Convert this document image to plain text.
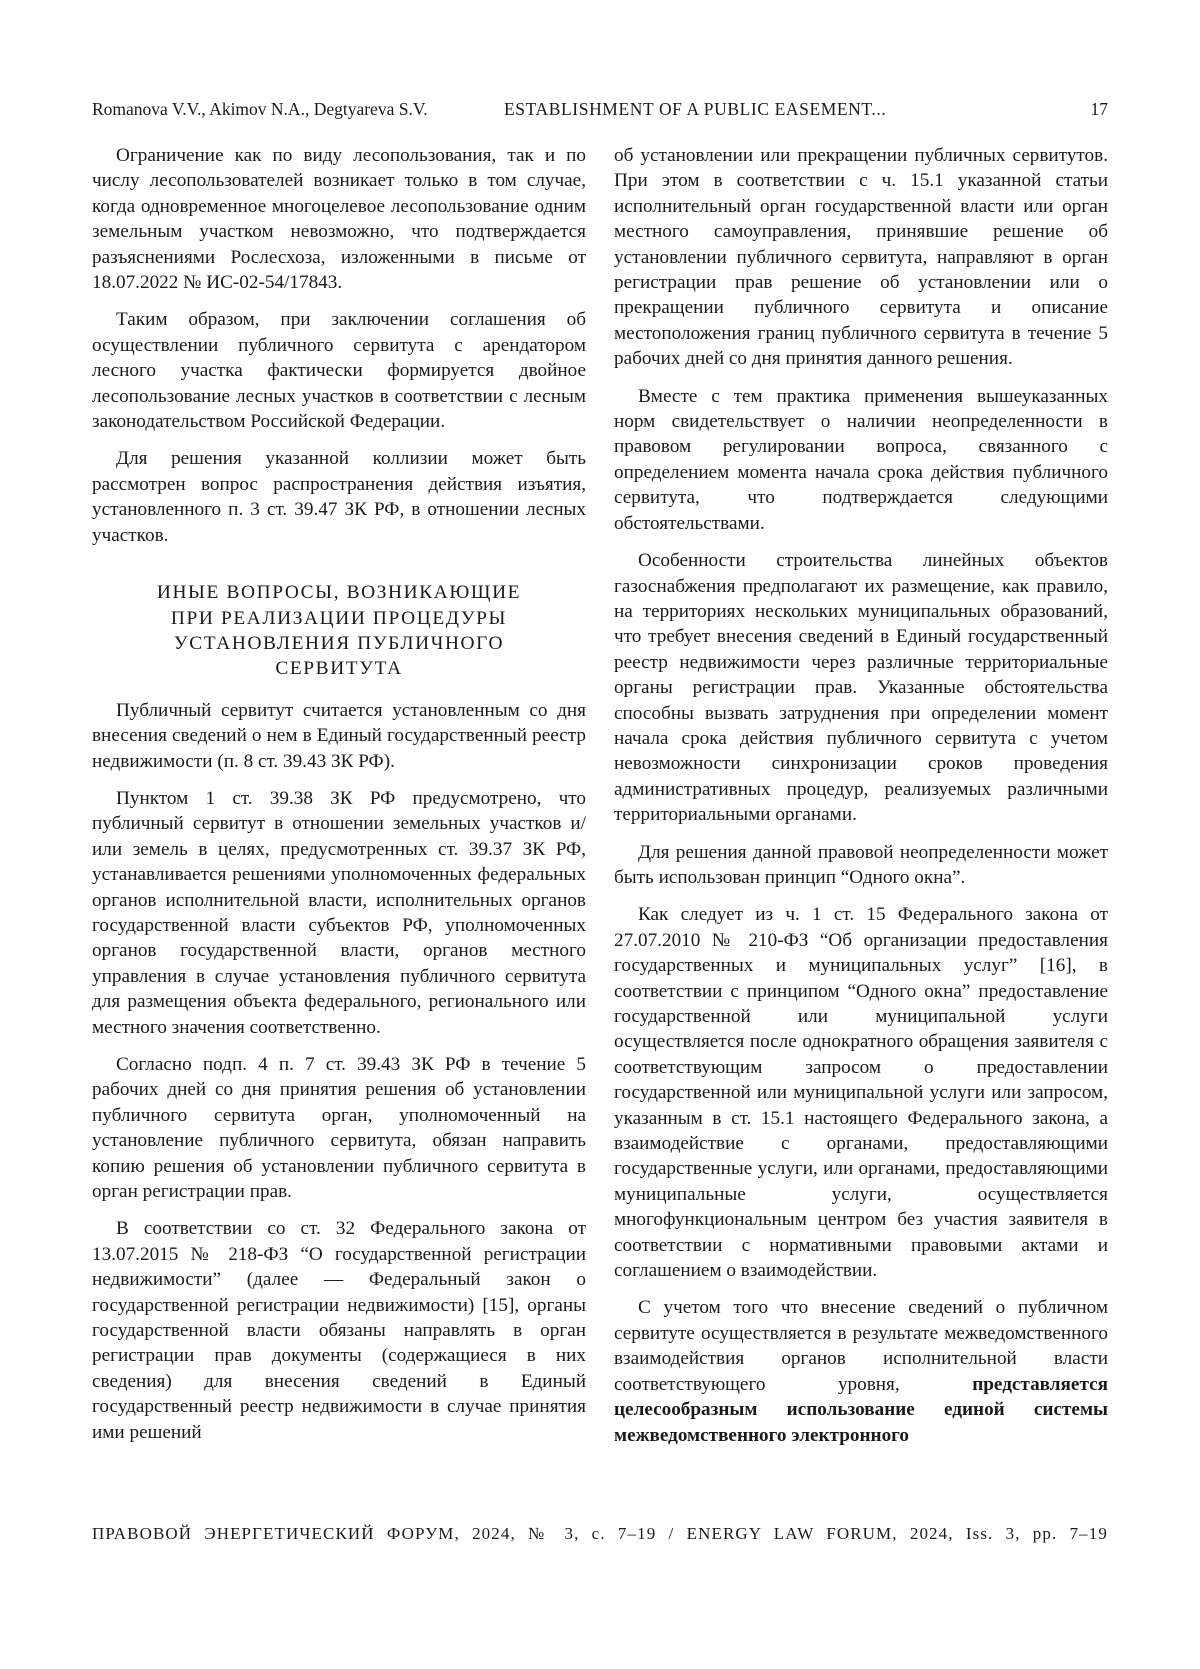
Romanova V.V., Akimov N.A., Degtyareva S.V.	ESTABLISHMENT OF A PUBLIC EASEMENT...	17

Ограничение как по виду лесопользования, так и по числу лесопользователей возникает только в том случае, когда одновременное многоцелевое лесопользование одним земельным участком невозможно, что подтверждается разъяснениями Рослесхоза, изложенными в письме от 18.07.2022 № ИС-02-54/17843.

Таким образом, при заключении соглашения об осуществлении публичного сервитута с арендатором лесного участка фактически формируется двойное лесопользование лесных участков в соответствии с лесным законодательством Российской Федерации.

Для решения указанной коллизии может быть рассмотрен вопрос распространения действия изъятия, установленного п. 3 ст. 39.47 ЗК РФ, в отношении лесных участков.

ИНЫЕ ВОПРОСЫ, ВОЗНИКАЮЩИЕ
ПРИ РЕАЛИЗАЦИИ ПРОЦЕДУРЫ
УСТАНОВЛЕНИЯ ПУБЛИЧНОГО
СЕРВИТУТА

Публичный сервитут считается установленным со дня внесения сведений о нем в Единый государственный реестр недвижимости (п. 8 ст. 39.43 ЗК РФ).

Пунктом 1 ст. 39.38 ЗК РФ предусмотрено, что публичный сервитут в отношении земельных участков и/или земель в целях, предусмотренных ст. 39.37 ЗК РФ, устанавливается решениями уполномоченных федеральных органов исполнительной власти, исполнительных органов государственной власти субъектов РФ, уполномоченных органов государственной власти, органов местного управления в случае установления публичного сервитута для размещения объекта федерального, регионального или местного значения соответственно.

Согласно подп. 4 п. 7 ст. 39.43 ЗК РФ в течение 5 рабочих дней со дня принятия решения об установлении публичного сервитута орган, уполномоченный на установление публичного сервитута, обязан направить копию решения об установлении публичного сервитута в орган регистрации прав.

В соответствии со ст. 32 Федерального закона от 13.07.2015 № 218-ФЗ “О государственной регистрации недвижимости” (далее — Федеральный закон о государственной регистрации недвижимости) [15], органы государственной власти обязаны направлять в орган регистрации прав документы (содержащиеся в них сведения) для внесения сведений в Единый государственный реестр недвижимости в случае принятия ими решений

об установлении или прекращении публичных сервитутов. При этом в соответствии с ч. 15.1 указанной статьи исполнительный орган государственной власти или орган местного самоуправления, принявшие решение об установлении публичного сервитута, направляют в орган регистрации прав решение об установлении или о прекращении публичного сервитута и описание местоположения границ публичного сервитута в течение 5 рабочих дней со дня принятия данного решения.

Вместе с тем практика применения вышеуказанных норм свидетельствует о наличии неопределенности в правовом регулировании вопроса, связанного с определением момента начала срока действия публичного сервитута, что подтверждается следующими обстоятельствами.

Особенности строительства линейных объектов газоснабжения предполагают их размещение, как правило, на территориях нескольких муниципальных образований, что требует внесения сведений в Единый государственный реестр недвижимости через различные территориальные органы регистрации прав. Указанные обстоятельства способны вызвать затруднения при определении момент начала срока действия публичного сервитута с учетом невозможности синхронизации сроков проведения административных процедур, реализуемых различными территориальными органами.

Для решения данной правовой неопределенности может быть использован принцип “Одного окна”.

Как следует из ч. 1 ст. 15 Федерального закона от 27.07.2010 № 210-ФЗ “Об организации предоставления государственных и муниципальных услуг” [16], в соответствии с принципом “Одного окна” предоставление государственной или муниципальной услуги осуществляется после однократного обращения заявителя с соответствующим запросом о предоставлении государственной или муниципальной услуги или запросом, указанным в ст. 15.1 настоящего Федерального закона, а взаимодействие с органами, предоставляющими государственные услуги, или органами, предоставляющими муниципальные услуги, осуществляется многофункциональным центром без участия заявителя в соответствии с нормативными правовыми актами и соглашением о взаимодействии.

С учетом того что внесение сведений о публичном сервитуте осуществляется в результате межведомственного взаимодействия органов исполнительной власти соответствующего уровня, представляется целесообразным использование единой системы межведомственного электронного

ПРАВОВОЙ ЭНЕРГЕТИЧЕСКИЙ ФОРУМ, 2024, № 3, с. 7–19 / ENERGY LAW FORUM, 2024, Iss. 3, pp. 7–19
